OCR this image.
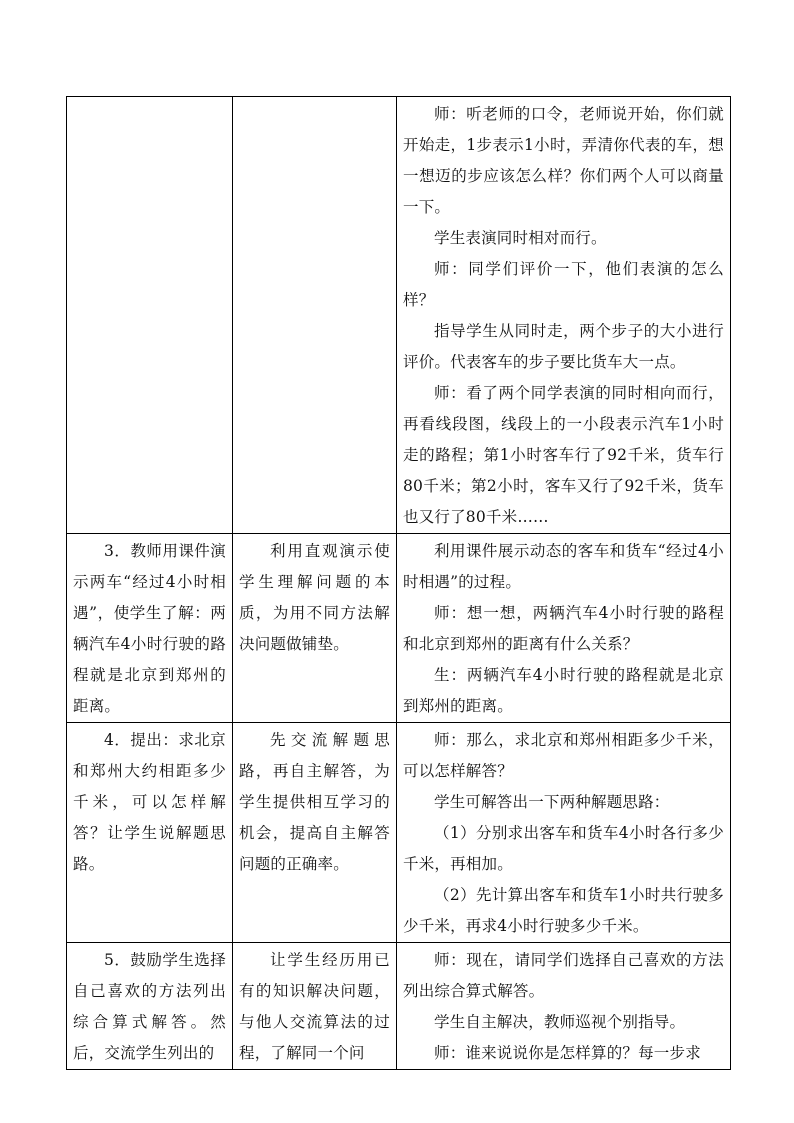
		师：听老师的口令，老师说开始，你们就开始走，1步表示1小时，弄清你代表的车，想一想迈的步应该怎么样？你们两个人可以商量一下。

学生表演同时相对而行。

师：同学们评价一下，他们表演的怎么样？

指导学生从同时走，两个步子的大小进行评价。代表客车的步子要比货车大一点。

师：看了两个同学表演的同时相向而行，再看线段图，线段上的一小段表示汽车1小时走的路程；第1小时客车行了92千米，货车行80千米；第2小时，客车又行了92千米，货车也又行了80千米……

3．教师用课件演示两车“经过4小时相遇”，使学生了解：两辆汽车4小时行驶的路程就是北京到郑州的距离。	利用直观演示使学生理解问题的本质，为用不同方法解决问题做铺垫。	利用课件展示动态的客车和货车“经过4小时相遇”的过程。

师：想一想，两辆汽车4小时行驶的路程和北京到郑州的距离有什么关系？

生：两辆汽车4小时行驶的路程就是北京到郑州的距离。

4．提出：求北京和郑州大约相距多少千米，可以怎样解答？让学生说解题思路。	先交流解题思路，再自主解答，为学生提供相互学习的机会，提高自主解答问题的正确率。	师：那么，求北京和郑州相距多少千米，可以怎样解答？

学生可解答出一下两种解题思路：

（1）分别求出客车和货车4小时各行多少千米，再相加。

（2）先计算出客车和货车1小时共行驶多少千米，再求4小时行驶多少千米。

5．鼓励学生选择自己喜欢的方法列出综合算式解答。然后，交流学生列出的	让学生经历用已有的知识解决问题，与他人交流算法的过程，了解同一个问	师：现在，请同学们选择自己喜欢的方法列出综合算式解答。

学生自主解决，教师巡视个别指导。

师：谁来说说你是怎样算的？每一步求
